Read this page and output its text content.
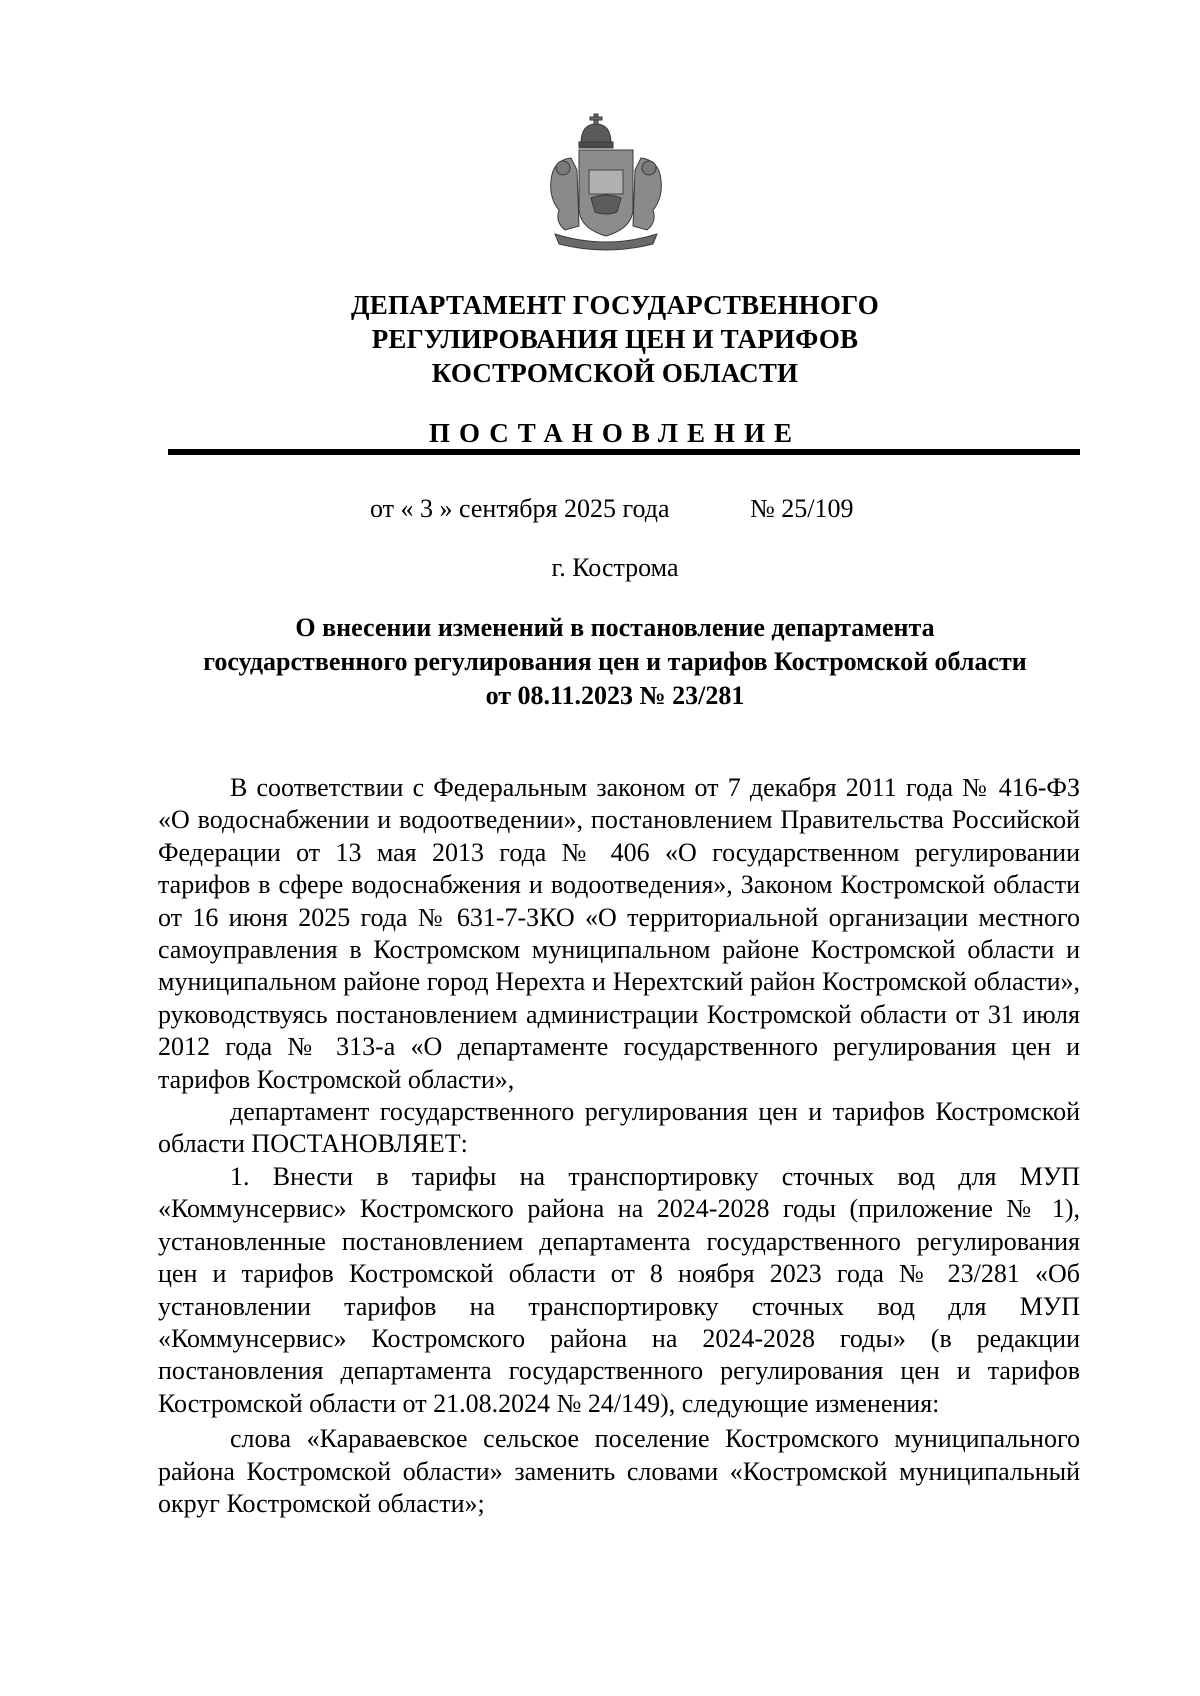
ДЕПАРТАМЕНТ ГОСУДАРСТВЕННОГО
РЕГУЛИРОВАНИЯ ЦЕН И ТАРИФОВ
КОСТРОМСКОЙ ОБЛАСТИ
ПОСТАНОВЛЕНИЕ
от « 3 » сентября 2025 года	№ 25/109
г. Кострома
О внесении изменений в постановление департамента
государственного регулирования цен и тарифов Костромской области
от 08.11.2023 № 23/281

В соответствии с Федеральным законом от 7 декабря 2011 года № 416-ФЗ «О водоснабжении и водоотведении», постановлением Правительства Российской Федерации от 13 мая 2013 года № 406 «О государственном регулировании тарифов в сфере водоснабжения и водоотведения», Законом Костромской области от 16 июня 2025 года № 631-7-ЗКО «О территориальной организации местного самоуправления в Костромском муниципальном районе Костромской области и муниципальном районе город Нерехта и Нерехтский район Костромской области», руководствуясь постановлением администрации Костромской области от 31 июля 2012 года № 313-а «О департаменте государственного регулирования цен и тарифов Костромской области»,

департамент государственного регулирования цен и тарифов Костромской области ПОСТАНОВЛЯЕТ:

1. Внести в тарифы на транспортировку сточных вод для МУП «Коммунсервис» Костромского района на 2024-2028 годы (приложение № 1), установленные постановлением департамента государственного регулирования цен и тарифов Костромской области от 8 ноября 2023 года № 23/281 «Об установлении тарифов на транспортировку сточных вод для МУП «Коммунсервис» Костромского района на 2024-2028 годы» (в редакции постановления департамента государственного регулирования цен и тарифов Костромской области от 21.08.2024 № 24/149), следующие изменения:

слова «Караваевское сельское поселение Костромского муниципального района Костромской области» заменить словами «Костромской муниципальный округ Костромской области»;
